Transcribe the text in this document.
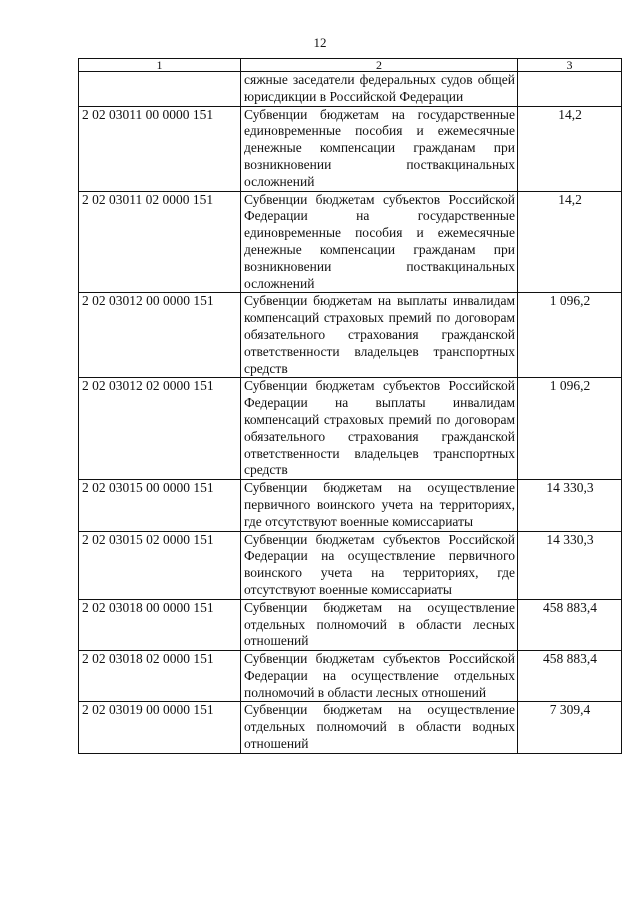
12
1	2	3
	сяжные заседатели федеральных судов общей юрисдикции в Российской Федерации	
2 02 03011 00 0000 151	Субвенции бюджетам на государственные единовременные пособия и ежемесячные денежные компенсации гражданам при возникновении поствакцинальных осложнений	14,2
2 02 03011 02 0000 151	Субвенции бюджетам субъектов Российской Федерации на государственные единовременные пособия и ежемесячные денежные компенсации гражданам при возникновении поствакцинальных осложнений	14,2
2 02 03012 00 0000 151	Субвенции бюджетам на выплаты инвалидам компенсаций страховых премий по договорам обязательного страхования гражданской ответственности владельцев транспортных средств	1 096,2
2 02 03012 02 0000 151	Субвенции бюджетам субъектов Российской Федерации на выплаты инвалидам компенсаций страховых премий по договорам обязательного страхования гражданской ответственности владельцев транспортных средств	1 096,2
2 02 03015 00 0000 151	Субвенции бюджетам на осуществление первичного воинского учета на территориях, где отсутствуют военные комиссариаты	14 330,3
2 02 03015 02 0000 151	Субвенции бюджетам субъектов Российской Федерации на осуществление первичного воинского учета на территориях, где отсутствуют военные комиссариаты	14 330,3
2 02 03018 00 0000 151	Субвенции бюджетам на осуществление отдельных полномочий в области лесных отношений	458 883,4
2 02 03018 02 0000 151	Субвенции бюджетам субъектов Российской Федерации на осуществление отдельных полномочий в области лесных отношений	458 883,4
2 02 03019 00 0000 151	Субвенции бюджетам на осуществление отдельных полномочий в области водных отношений	7 309,4
